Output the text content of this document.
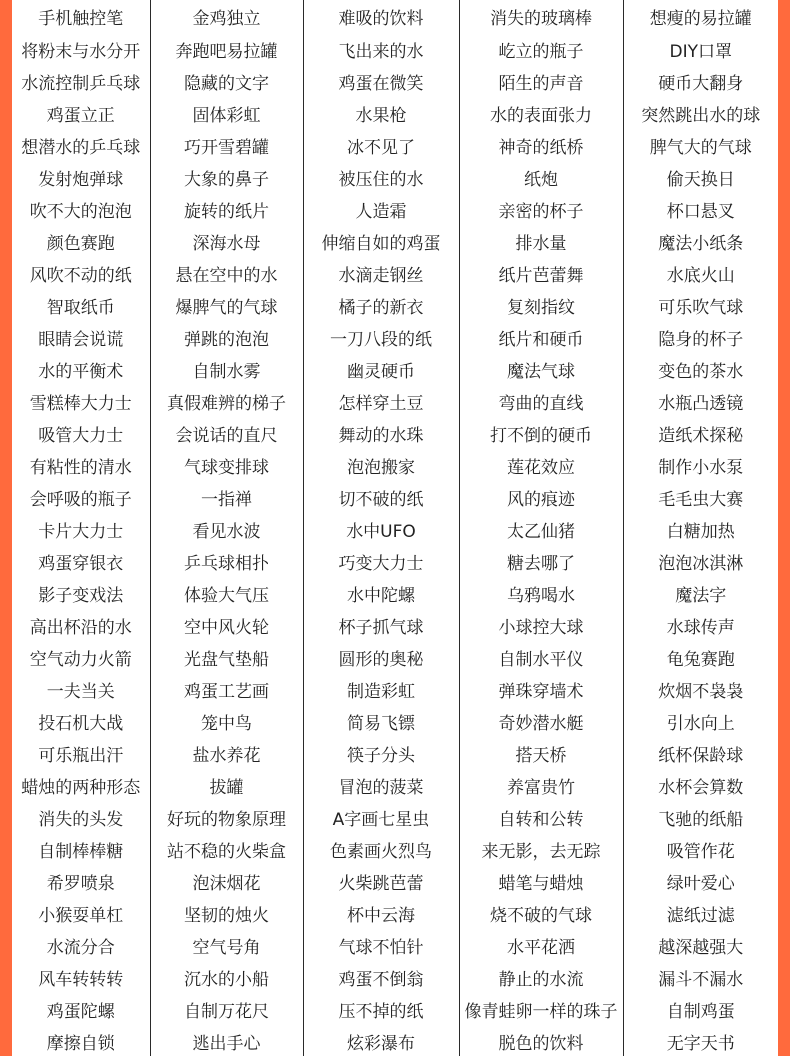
手机触控笔	金鸡独立	难吸的饮料	消失的玻璃棒	想瘦的易拉罐
将粉末与水分开	奔跑吧易拉罐	飞出来的水	屹立的瓶子	DIY口罩
水流控制乒乓球	隐藏的文字	鸡蛋在微笑	陌生的声音	硬币大翻身
鸡蛋立正	固体彩虹	水果枪	水的表面张力	突然跳出水的球
想潜水的乒乓球	巧开雪碧罐	冰不见了	神奇的纸桥	脾气大的气球
发射炮弹球	大象的鼻子	被压住的水	纸炮	偷天换日
吹不大的泡泡	旋转的纸片	人造霜	亲密的杯子	杯口悬叉
颜色赛跑	深海水母	伸缩自如的鸡蛋	排水量	魔法小纸条
风吹不动的纸	悬在空中的水	水滴走钢丝	纸片芭蕾舞	水底火山
智取纸币	爆脾气的气球	橘子的新衣	复刻指纹	可乐吹气球
眼睛会说谎	弹跳的泡泡	一刀八段的纸	纸片和硬币	隐身的杯子
水的平衡术	自制水雾	幽灵硬币	魔法气球	变色的茶水
雪糕棒大力士	真假难辨的梯子	怎样穿土豆	弯曲的直线	水瓶凸透镜
吸管大力士	会说话的直尺	舞动的水珠	打不倒的硬币	造纸术探秘
有粘性的清水	气球变排球	泡泡搬家	莲花效应	制作小水泵
会呼吸的瓶子	一指禅	切不破的纸	风的痕迹	毛毛虫大赛
卡片大力士	看见水波	水中UFO	太乙仙猪	白糖加热
鸡蛋穿银衣	乒乓球相扑	巧变大力士	糖去哪了	泡泡冰淇淋
影子变戏法	体验大气压	水中陀螺	乌鸦喝水	魔法字
高出杯沿的水	空中风火轮	杯子抓气球	小球控大球	水球传声
空气动力火箭	光盘气垫船	圆形的奥秘	自制水平仪	龟兔赛跑
一夫当关	鸡蛋工艺画	制造彩虹	弹珠穿墙术	炊烟不袅袅
投石机大战	笼中鸟	简易飞镖	奇妙潜水艇	引水向上
可乐瓶出汗	盐水养花	筷子分头	搭天桥	纸杯保龄球
蜡烛的两种形态	拔罐	冒泡的菠菜	养富贵竹	水杯会算数
消失的头发	好玩的物象原理	A字画七星虫	自转和公转	飞驰的纸船
自制棒棒糖	站不稳的火柴盒	色素画火烈鸟	来无影，去无踪	吸管作花
希罗喷泉	泡沫烟花	火柴跳芭蕾	蜡笔与蜡烛	绿叶爱心
小猴耍单杠	坚韧的烛火	杯中云海	烧不破的气球	滤纸过滤
水流分合	空气号角	气球不怕针	水平花洒	越深越强大
风车转转转	沉水的小船	鸡蛋不倒翁	静止的水流	漏斗不漏水
鸡蛋陀螺	自制万花尺	压不掉的纸	像青蛙卵一样的珠子	自制鸡蛋
摩擦自锁	逃出手心	炫彩瀑布	脱色的饮料	无字天书
